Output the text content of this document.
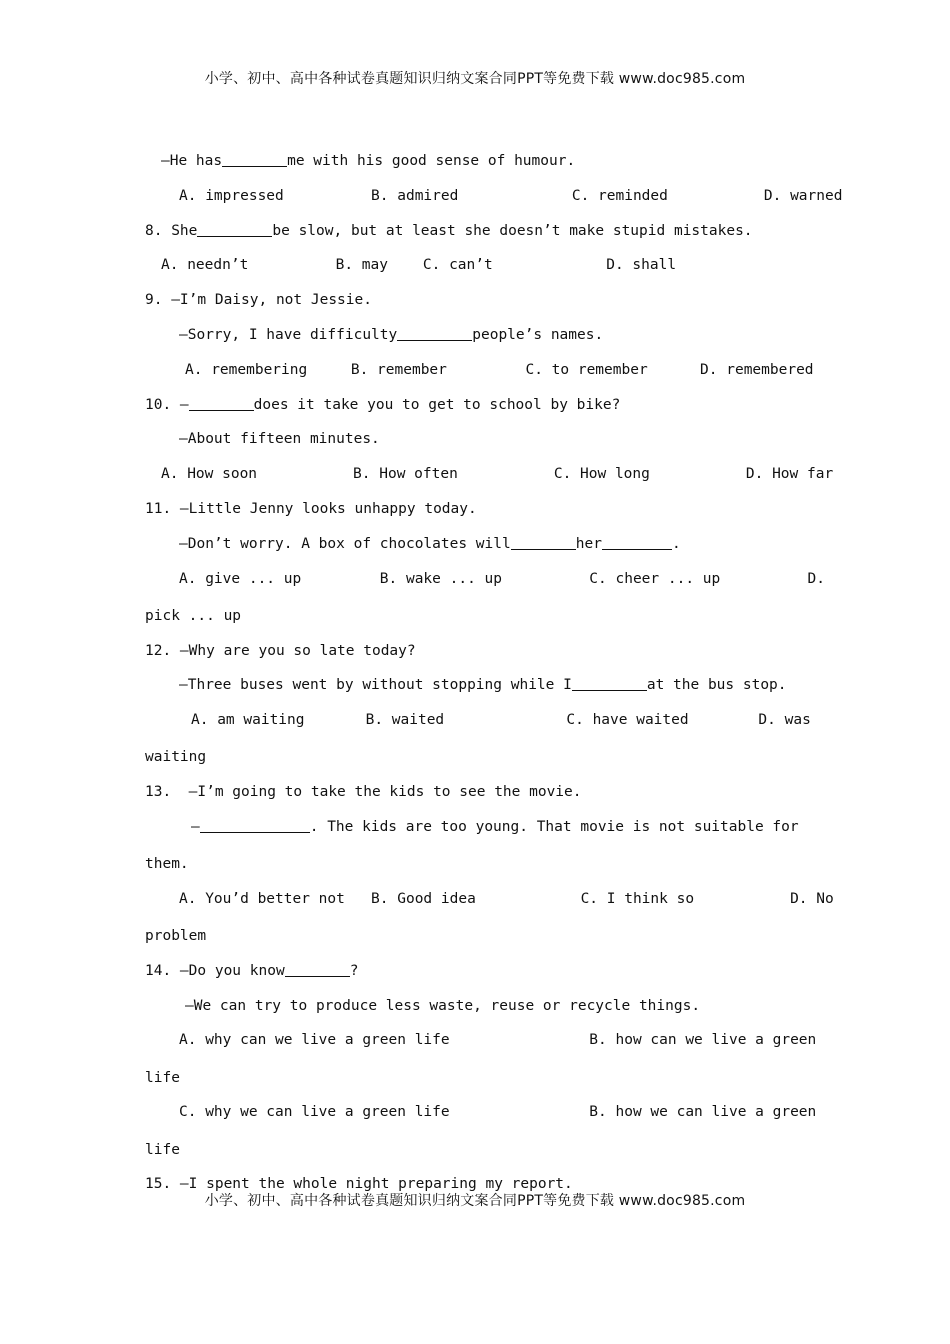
小学、初中、高中各种试卷真题知识归纳文案合同PPT等免费下载 www.doc985.com
—He has	me with his good sense of humour.
A. impressed          B. admired             C. reminded           D. warned
8. She	be slow, but at least she doesn’t make stupid mistakes.
A. needn’t          B. may    C. can’t             D. shall
9. —I’m Daisy, not Jessie.
—Sorry, I have difficulty	people’s names.
A. remembering     B. remember         C. to remember      D. remembered
10. —	does it take you to get to school by bike?
—About fifteen minutes.
A. How soon           B. How often           C. How long           D. How far
11. —Little Jenny looks unhappy today.
—Don’t worry. A box of chocolates will	her	.
A. give ... up         B. wake ... up          C. cheer ... up          D.
pick ... up
12. —Why are you so late today?
—Three buses went by without stopping while I	at the bus stop.
A. am waiting       B. waited              C. have waited        D. was
waiting
13.  —I’m going to take the kids to see the movie.
—	. The kids are too young. That movie is not suitable for
them.
A. You’d better not   B. Good idea            C. I think so           D. No
problem
14. —Do you know	?
—We can try to produce less waste, reuse or recycle things.
A. why can we live a green life                B. how can we live a green
life
C. why we can live a green life                B. how we can live a green
life
15. —I spent the whole night preparing my report.
小学、初中、高中各种试卷真题知识归纳文案合同PPT等免费下载 www.doc985.com
